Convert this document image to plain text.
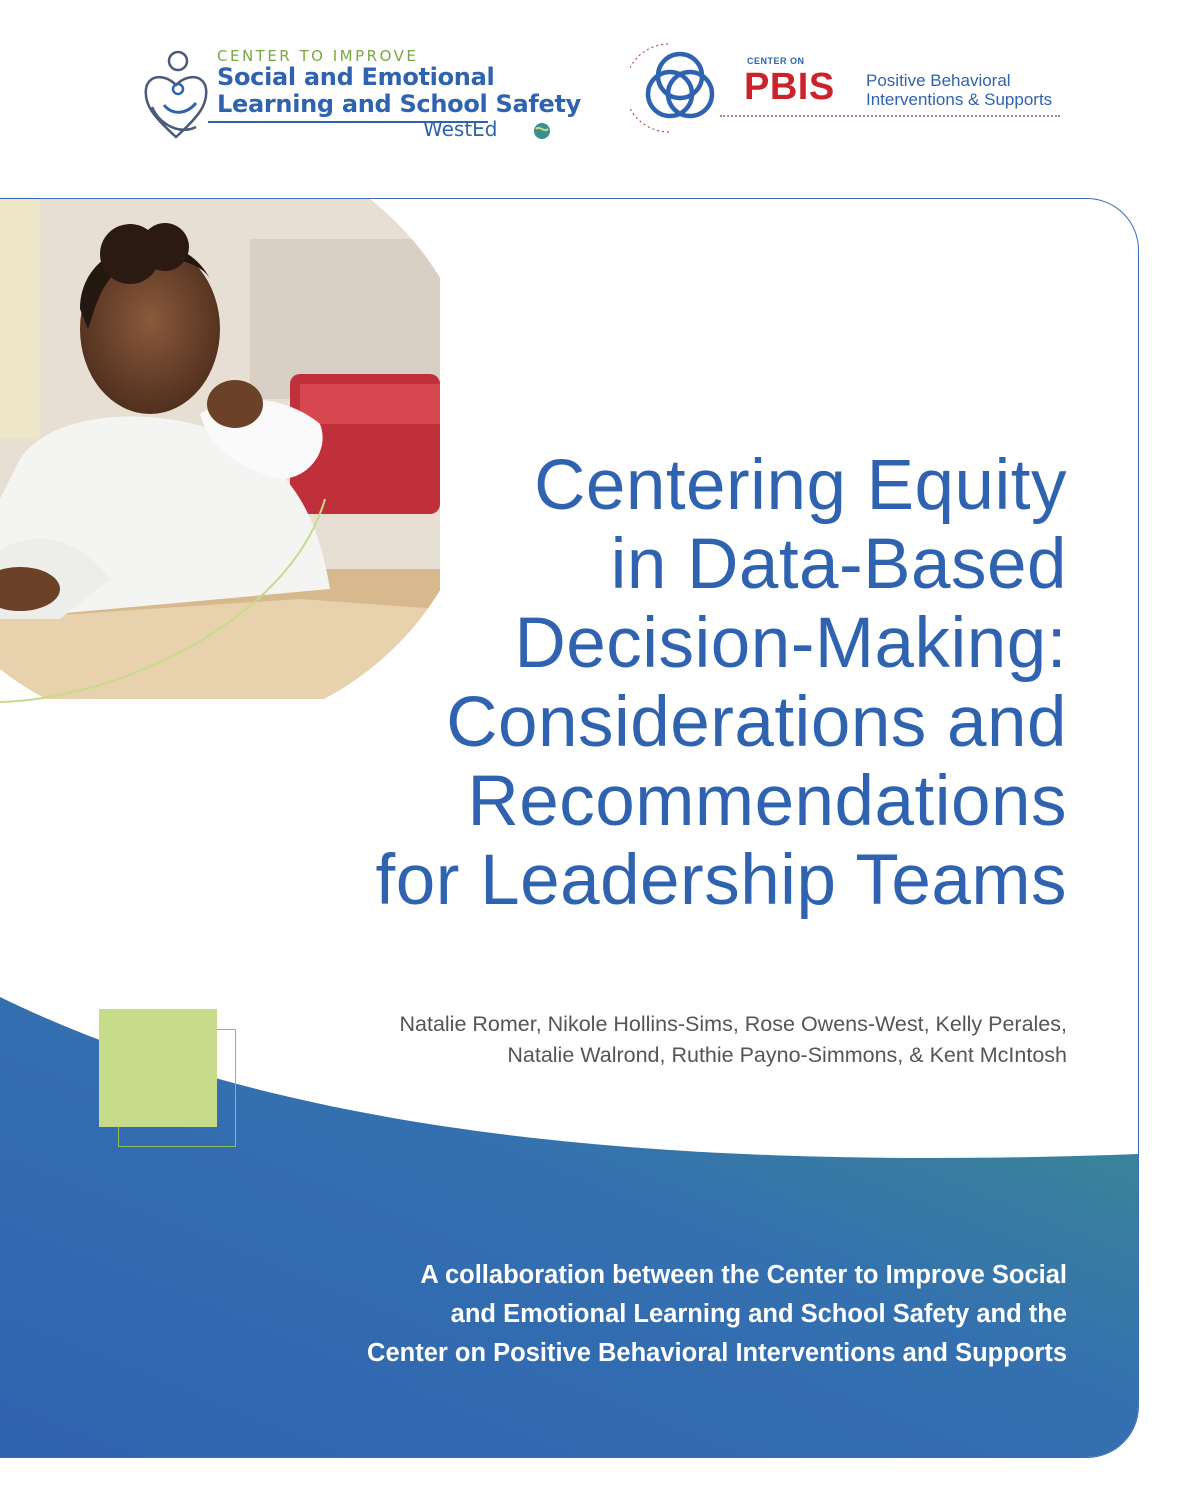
CENTER TO IMPROVE
Social and Emotional
Learning and School Safety
WestEd
CENTER ON
PBIS Positive Behavioral
Interventions & Supports
Centering Equity
in Data-Based
Decision-Making:
Considerations and
Recommendations
for Leadership Teams
Natalie Romer, Nikole Hollins-Sims, Rose Owens-West, Kelly Perales,
Natalie Walrond, Ruthie Payno-Simmons, & Kent McIntosh
A collaboration between the Center to Improve Social
and Emotional Learning and School Safety and the
Center on Positive Behavioral Interventions and Supports
